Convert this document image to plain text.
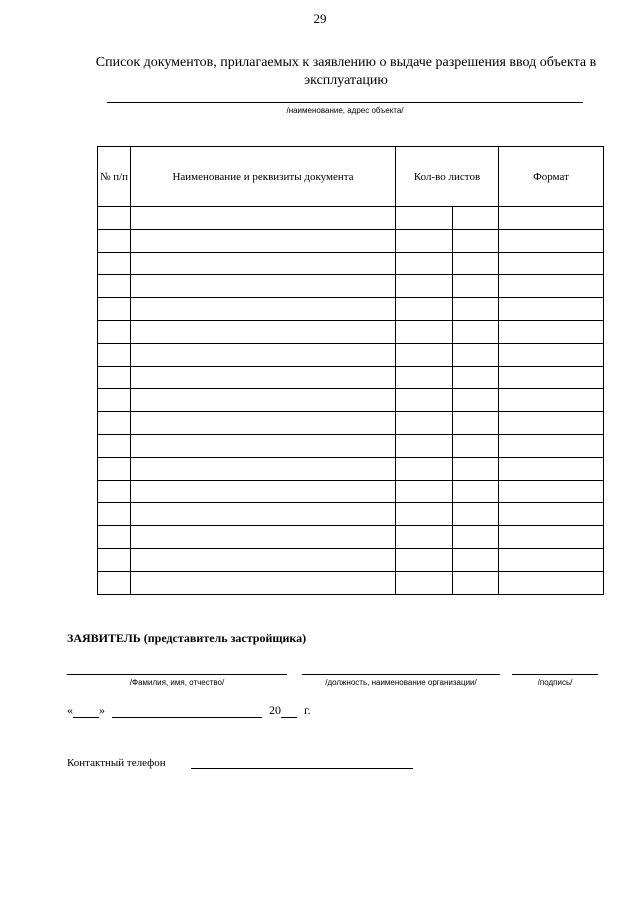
29
Список документов, прилагаемых к заявлению о выдаче разрешения ввод объекта в эксплуатацию
/наименование, адрес объекта/
№ п/п	Наименование и реквизиты документа	Кол-во листов		Формат

ЗАЯВИТЕЛЬ (представитель застройщика)
/Фамилия, имя, отчество/	/должность, наименование организации/	/подпись/
« »	20 г.
Контактный телефон
